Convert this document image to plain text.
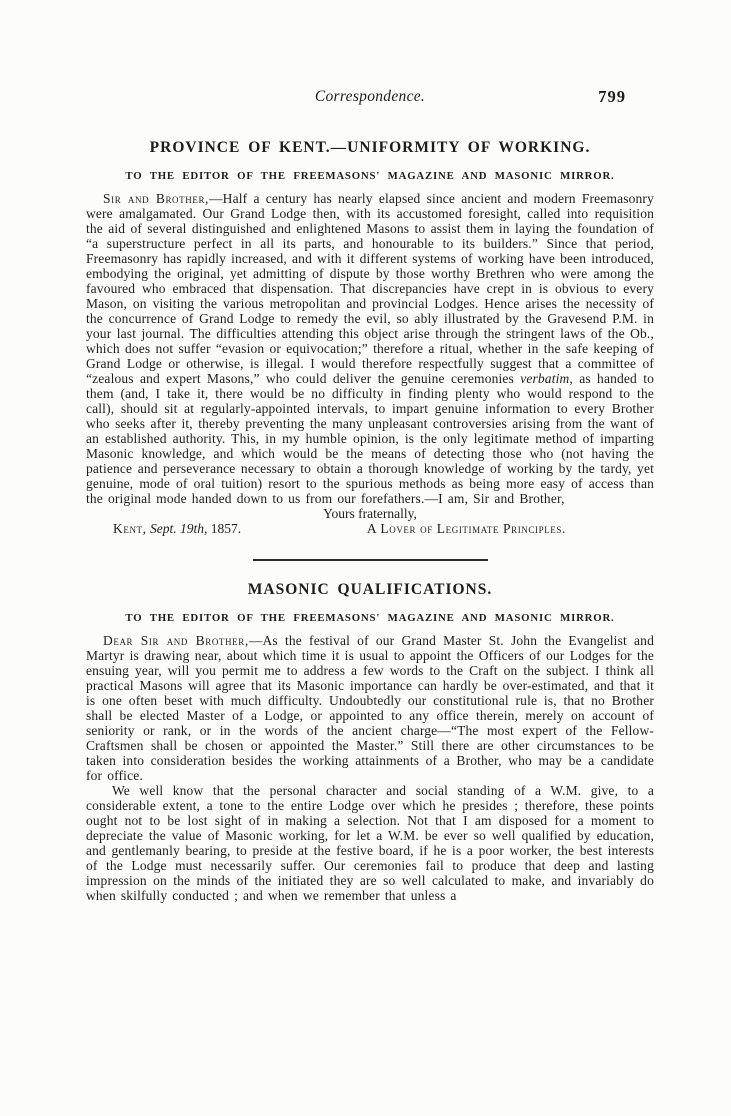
Correspondence.	799
PROVINCE OF KENT.—UNIFORMITY OF WORKING.
TO THE EDITOR OF THE FREEMASONS' MAGAZINE AND MASONIC MIRROR.

Sir and Brother,—Half a century has nearly elapsed since ancient and modern Freemasonry were amalgamated. Our Grand Lodge then, with its accustomed foresight, called into requisition the aid of several distinguished and enlightened Masons to assist them in laying the foundation of “a superstructure perfect in all its parts, and honourable to its builders.” Since that period, Freemasonry has rapidly increased, and with it different systems of working have been introduced, embodying the original, yet admitting of dispute by those worthy Brethren who were among the favoured who embraced that dispensation. That discrepancies have crept in is obvious to every Mason, on visiting the various metropolitan and provincial Lodges. Hence arises the necessity of the concurrence of Grand Lodge to remedy the evil, so ably illustrated by the Gravesend P.M. in your last journal. The difficulties attending this object arise through the stringent laws of the Ob., which does not suffer “evasion or equivocation;” therefore a ritual, whether in the safe keeping of Grand Lodge or otherwise, is illegal. I would therefore respectfully suggest that a committee of “zealous and expert Masons,” who could deliver the genuine ceremonies verbatim, as handed to them (and, I take it, there would be no difficulty in finding plenty who would respond to the call), should sit at regularly-appointed intervals, to impart genuine information to every Brother who seeks after it, thereby preventing the many unpleasant controversies arising from the want of an established authority. This, in my humble opinion, is the only legitimate method of imparting Masonic knowledge, and which would be the means of detecting those who (not having the patience and perseverance necessary to obtain a thorough knowledge of working by the tardy, yet genuine, mode of oral tuition) resort to the spurious methods as being more easy of access than the original mode handed down to us from our forefathers.—I am, Sir and Brother,

Yours fraternally,
Kent, Sept. 19th, 1857.	A Lover of Legitimate Principles.
MASONIC QUALIFICATIONS.
TO THE EDITOR OF THE FREEMASONS' MAGAZINE AND MASONIC MIRROR.

Dear Sir and Brother,—As the festival of our Grand Master St. John the Evangelist and Martyr is drawing near, about which time it is usual to appoint the Officers of our Lodges for the ensuing year, will you permit me to address a few words to the Craft on the subject. I think all practical Masons will agree that its Masonic importance can hardly be over-estimated, and that it is one often beset with much difficulty. Undoubtedly our constitutional rule is, that no Brother shall be elected Master of a Lodge, or appointed to any office therein, merely on account of seniority or rank, or in the words of the ancient charge—“The most expert of the Fellow-Craftsmen shall be chosen or appointed the Master.” Still there are other circumstances to be taken into consideration besides the working attainments of a Brother, who may be a candidate for office.

We well know that the personal character and social standing of a W.M. give, to a considerable extent, a tone to the entire Lodge over which he presides ; therefore, these points ought not to be lost sight of in making a selection. Not that I am disposed for a moment to depreciate the value of Masonic working, for let a W.M. be ever so well qualified by education, and gentlemanly bearing, to preside at the festive board, if he is a poor worker, the best interests of the Lodge must necessarily suffer. Our ceremonies fail to produce that deep and lasting impression on the minds of the initiated they are so well calculated to make, and invariably do when skilfully conducted ; and when we remember that unless a
